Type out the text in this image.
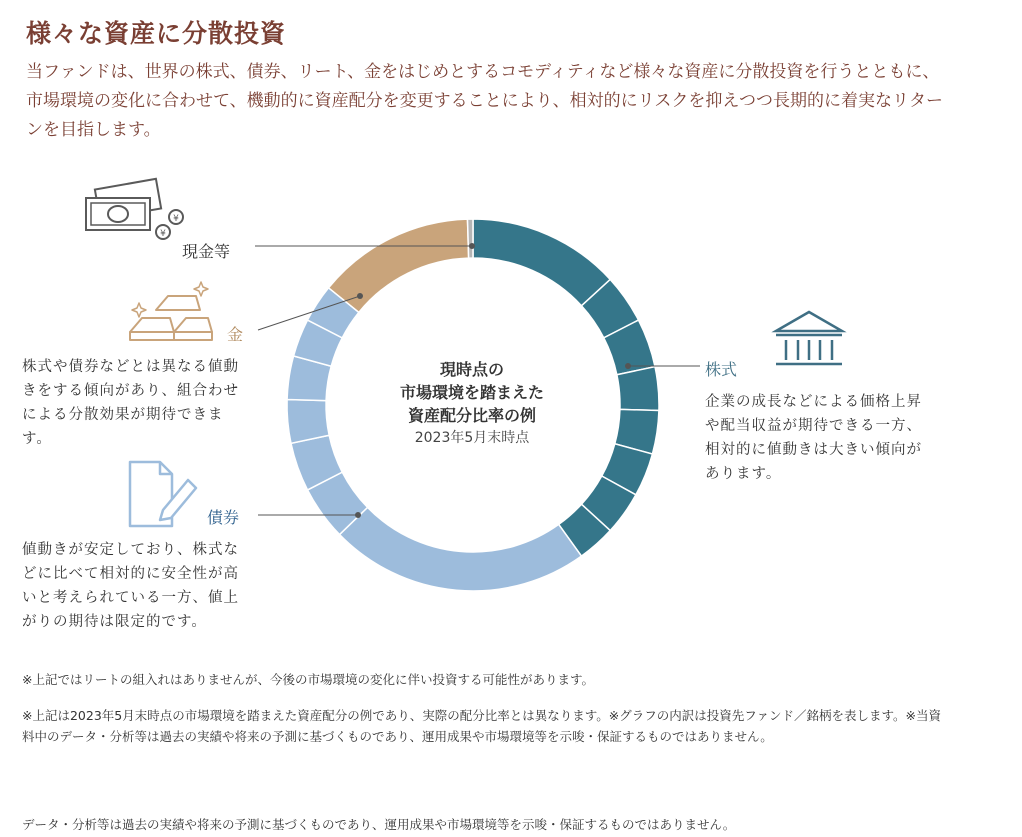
様々な資産に分散投資
当ファンドは、世界の株式、債券、リート、金をはじめとするコモディティなど様々な資産に分散投資を行うとともに、市場環境の変化に合わせて、機動的に資産配分を変更することにより、相対的にリスクを抑えつつ長期的に着実なリターンを目指します。
¥
¥
現金等
金
株式
債券
株式や債券などとは異なる値動きをする傾向があり、組合わせによる分散効果が期待できます。
企業の成長などによる価格上昇や配当収益が期待できる一方、相対的に値動きは大きい傾向があります。
値動きが安定しており、株式などに比べて相対的に安全性が高いと考えられている一方、値上がりの期待は限定的です。
現時点の
市場環境を踏まえた
資産配分比率の例
2023年5月末時点
※上記ではリートの組入れはありませんが、今後の市場環境の変化に伴い投資する可能性があります。
※上記は2023年5月末時点の市場環境を踏まえた資産配分の例であり、実際の配分比率とは異なります。※グラフの内訳は投資先ファンド／銘柄を表します。※当資料中のデータ・分析等は過去の実績や将来の予測に基づくものであり、運用成果や市場環境等を示唆・保証するものではありません。
データ・分析等は過去の実績や将来の予測に基づくものであり、運用成果や市場環境等を示唆・保証するものではありません。
